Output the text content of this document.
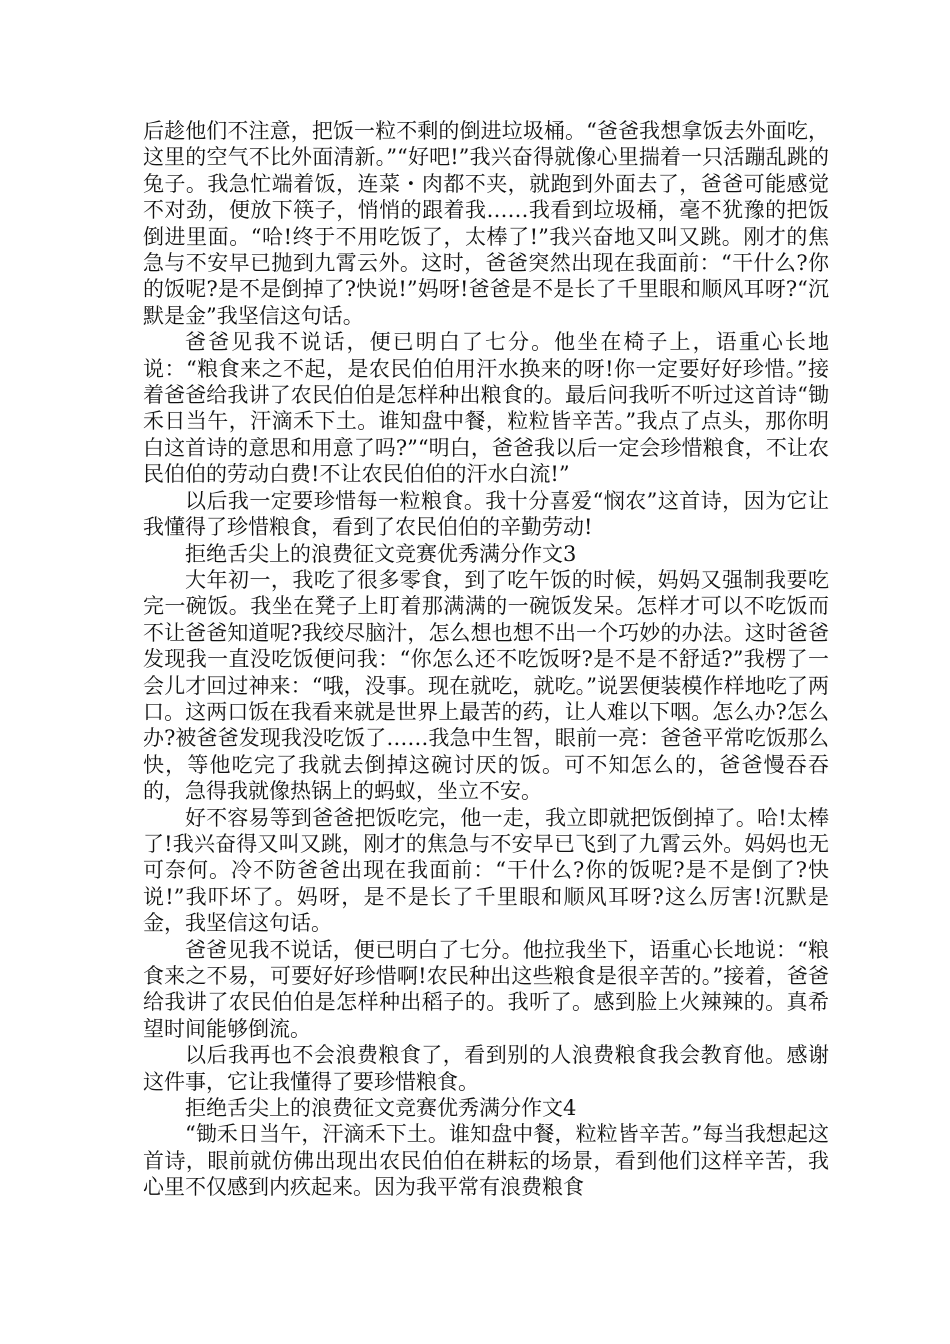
后趁他们不注意，把饭一粒不剩的倒进垃圾桶。“爸爸我想拿饭去外面吃，这里的空气不比外面清新。”“好吧!”我兴奋得就像心里揣着一只活蹦乱跳的兔子。我急忙端着饭，连菜・肉都不夹，就跑到外面去了，爸爸可能感觉不对劲，便放下筷子，悄悄的跟着我……我看到垃圾桶，毫不犹豫的把饭倒进里面。“哈!终于不用吃饭了，太棒了!”我兴奋地又叫又跳。刚才的焦急与不安早已抛到九霄云外。这时，爸爸突然出现在我面前：“干什么?你的饭呢?是不是倒掉了?快说!”妈呀!爸爸是不是长了千里眼和顺风耳呀?“沉默是金”我坚信这句话。

爸爸见我不说话，便已明白了七分。他坐在椅子上，语重心长地说：“粮食来之不起，是农民伯伯用汗水换来的呀!你一定要好好珍惜。”接着爸爸给我讲了农民伯伯是怎样种出粮食的。最后问我听不听过这首诗“锄禾日当午，汗滴禾下土。谁知盘中餐，粒粒皆辛苦。”我点了点头，那你明白这首诗的意思和用意了吗?”“明白，爸爸我以后一定会珍惜粮食，不让农民伯伯的劳动白费!不让农民伯伯的汗水白流!”

以后我一定要珍惜每一粒粮食。我十分喜爱“悯农”这首诗，因为它让我懂得了珍惜粮食，看到了农民伯伯的辛勤劳动!

拒绝舌尖上的浪费征文竞赛优秀满分作文3

大年初一，我吃了很多零食，到了吃午饭的时候，妈妈又强制我要吃完一碗饭。我坐在凳子上盯着那满满的一碗饭发呆。怎样才可以不吃饭而不让爸爸知道呢?我绞尽脑汁，怎么想也想不出一个巧妙的办法。这时爸爸发现我一直没吃饭便问我：“你怎么还不吃饭呀?是不是不舒适?”我楞了一会儿才回过神来：“哦，没事。现在就吃，就吃。”说罢便装模作样地吃了两口。这两口饭在我看来就是世界上最苦的药，让人难以下咽。怎么办?怎么办?被爸爸发现我没吃饭了……我急中生智，眼前一亮：爸爸平常吃饭那么快，等他吃完了我就去倒掉这碗讨厌的饭。可不知怎么的，爸爸慢吞吞的，急得我就像热锅上的蚂蚁，坐立不安。

好不容易等到爸爸把饭吃完，他一走，我立即就把饭倒掉了。哈!太棒了!我兴奋得又叫又跳，刚才的焦急与不安早已飞到了九霄云外。妈妈也无可奈何。冷不防爸爸出现在我面前：“干什么?你的饭呢?是不是倒了?快说!”我吓坏了。妈呀，是不是长了千里眼和顺风耳呀?这么厉害!沉默是金，我坚信这句话。

爸爸见我不说话，便已明白了七分。他拉我坐下，语重心长地说：“粮食来之不易，可要好好珍惜啊!农民种出这些粮食是很辛苦的。”接着，爸爸给我讲了农民伯伯是怎样种出稻子的。我听了。感到脸上火辣辣的。真希望时间能够倒流。

以后我再也不会浪费粮食了，看到别的人浪费粮食我会教育他。感谢这件事，它让我懂得了要珍惜粮食。

拒绝舌尖上的浪费征文竞赛优秀满分作文4

“锄禾日当午，汗滴禾下土。谁知盘中餐，粒粒皆辛苦。”每当我想起这首诗，眼前就仿佛出现出农民伯伯在耕耘的场景，看到他们这样辛苦，我心里不仅感到内疚起来。因为我平常有浪费粮食
